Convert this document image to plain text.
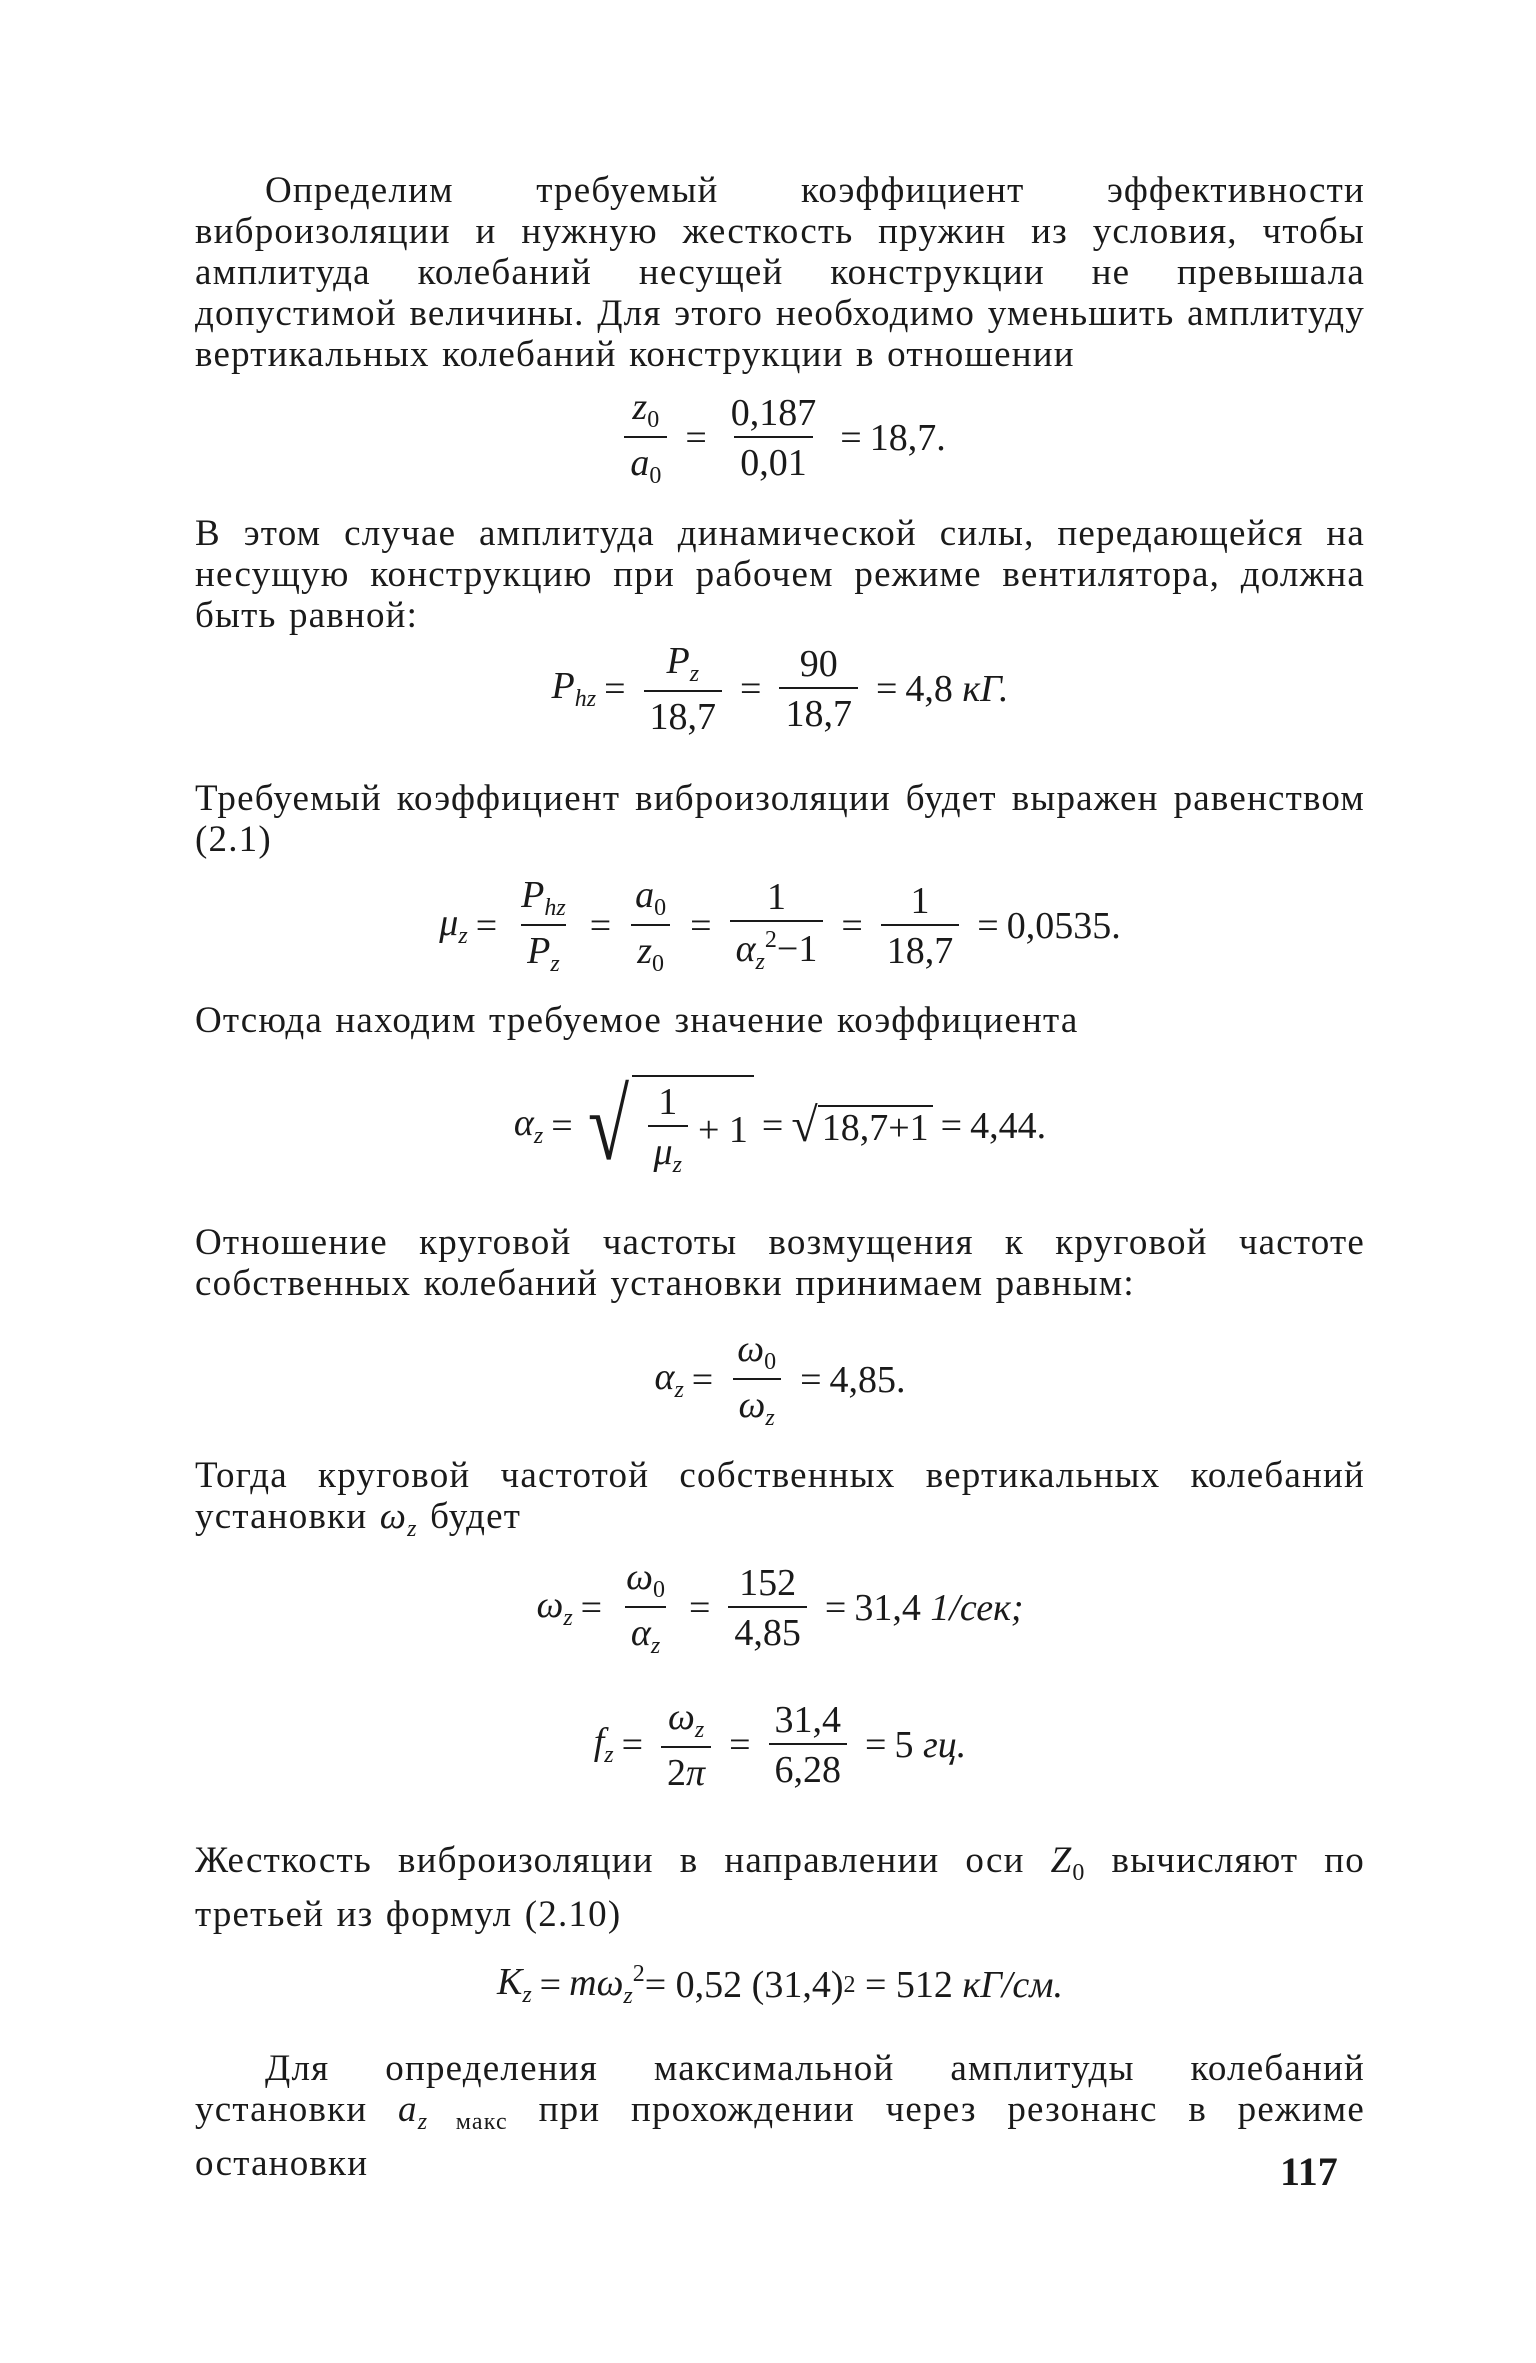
Определим требуемый коэффициент эффективности виброизоляции и нужную жесткость пружин из условия, чтобы амплитуда колебаний несущей конструкции не превышала допустимой величины. Для этого необходимо уменьшить амплитуду вертикальных колебаний конструкции в отношении

$\frac{z_0}{a_0} = \frac{0,187}{0,01} = 18,7$.

В этом случае амплитуда динамической силы, передающейся на несущую конструкцию при рабочем режиме вентилятора, должна быть равной:

$P_{hz} = \frac{P_z}{18,7} = \frac{90}{18,7} = 4,8$
кГ.

Требуемый коэффициент виброизоляции будет выражен равенством (2.1)

$\mu_z = \frac{P_{hz}}{P_z} = \frac{a_0}{z_0} = \frac{1}{\alpha_z^2-1} = \frac{1}{18,7} = 0,0535$.

Отсюда находим требуемое значение коэффициента

$\alpha_z$ = √ $\frac{1}{\mu_z} + 1$ = √ 18,7+1 = 4,44.

Отношение круговой частоты возмущения к круговой частоте собственных колебаний установки принимаем равным:

$\alpha_z = \frac{\omega_0}{\omega_z} = 4,85$.

Тогда круговой частотой собственных вертикальных колебаний установки $\omega_z$ будет

$\omega_z = \frac{\omega_0}{\alpha_z} = \frac{152}{4,85} = 31,4$
1/сек;
$f_z = \frac{\omega_z}{2\pi} = \frac{31,4}{6,28} = 5$
гц.

Жесткость виброизоляции в направлении оси $Z_0$ вычисляют по третьей из формул (2.10)

$K_z = m\omega_z^2 = 0,52$ (31,4) 2
= 512
кГ/см.

Для определения максимальной амплитуды колебаний установки $a_{z макс}$ при прохождении через резонанс в режиме остановки	117
